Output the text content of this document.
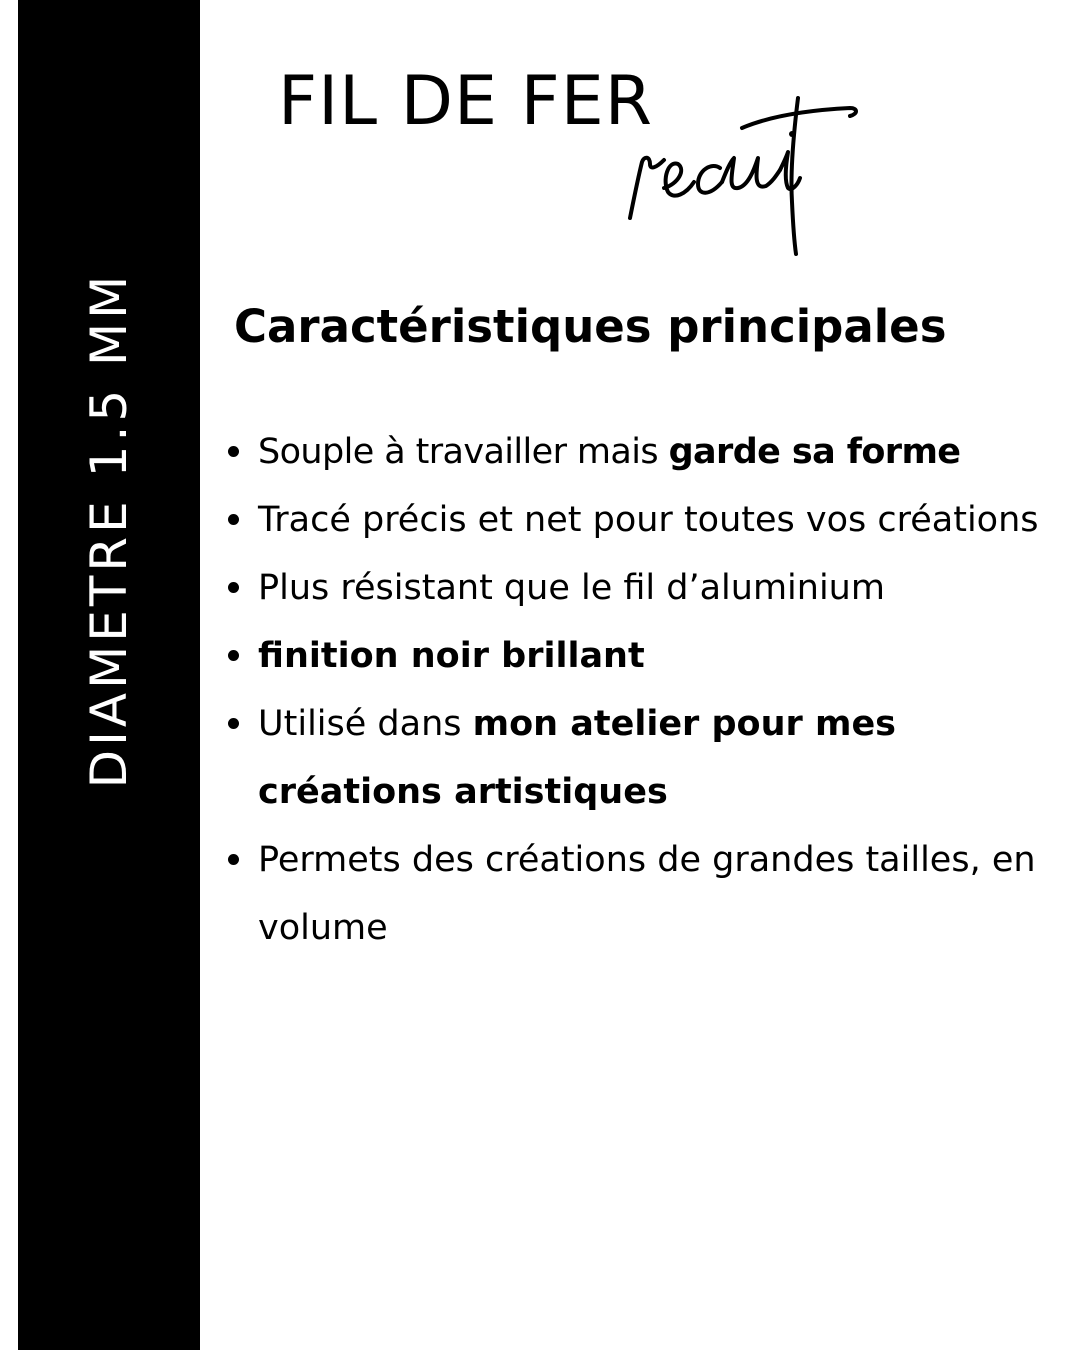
DIAMETRE 1.5 MM
FIL DE FER
Caractéristiques principales
Souple à travailler mais garde sa forme
Tracé précis et net pour toutes vos créations
Plus résistant que le fil d’aluminium
finition noir brillant
Utilisé dans mon atelier pour mes créations artistiques
Permets des créations de grandes tailles, en volume
